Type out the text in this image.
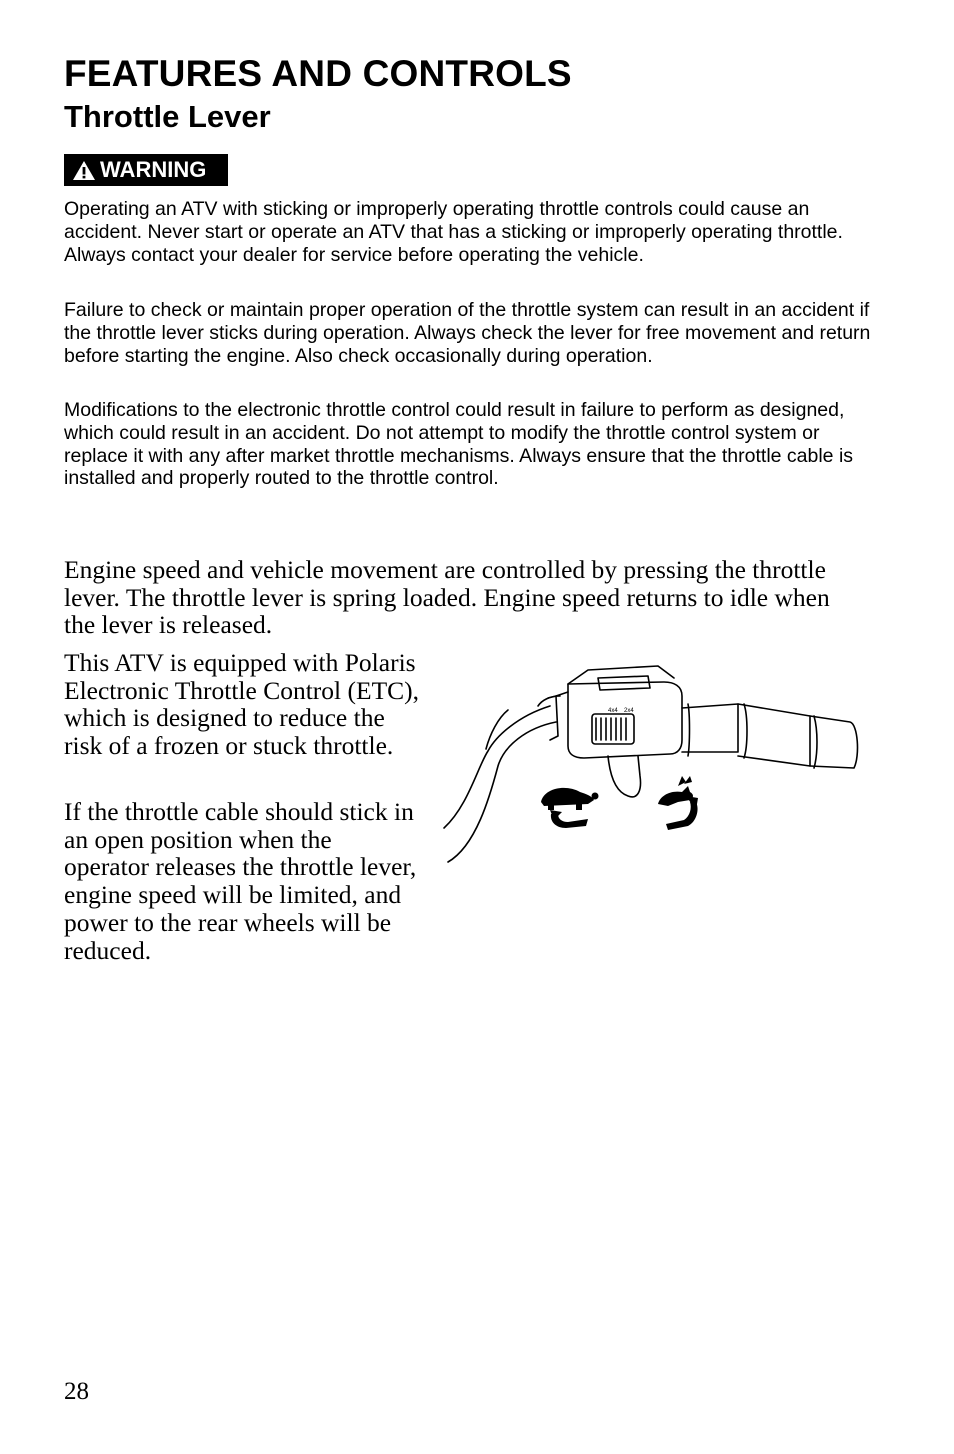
FEATURES AND CONTROLS
Throttle Lever
WARNING

Operating an ATV with sticking or improperly operating throttle controls could cause an accident. Never start or operate an ATV that has a sticking or improperly operating throttle. Always contact your dealer for service before operating the vehicle.

Failure to check or maintain proper operation of the throttle system can result in an accident if the throttle lever sticks during operation. Always check the lever for free movement and return before starting the engine. Also check occasionally during operation.

Modifications to the electronic throttle control could result in failure to perform as designed, which could result in an accident. Do not attempt to modify the throttle control system or replace it with any after market throttle mechanisms. Always ensure that the throttle cable is installed and properly routed to the throttle control.

Engine speed and vehicle movement are controlled by pressing the throttle lever. The throttle lever is spring loaded. Engine speed returns to idle when the lever is released.

This ATV is equipped with Polaris Electronic Throttle Control (ETC), which is designed to reduce the risk of a frozen or stuck throttle.

If the throttle cable should stick in an open position when the operator releases the throttle lever, engine speed will be limited, and power to the rear wheels will be reduced.

4x4 2x4
28
